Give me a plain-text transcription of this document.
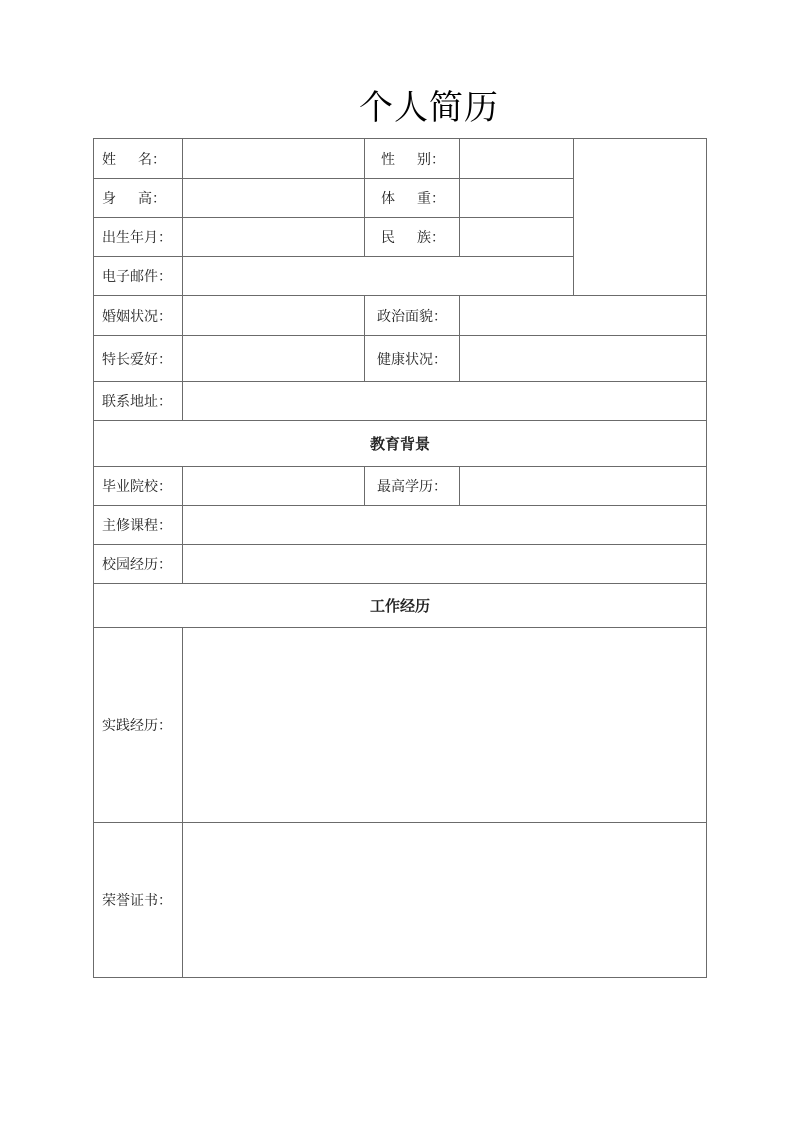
个人简历
姓 名：	性 别：
身 高：	体 重：
出生年月：	民 族：
电子邮件：
婚姻状况：	政治面貌：
特长爱好：	健康状况：
联系地址：
教育背景
毕业院校：	最高学历：
主修课程：
校园经历：
工作经历
实践经历：
荣誉证书：
